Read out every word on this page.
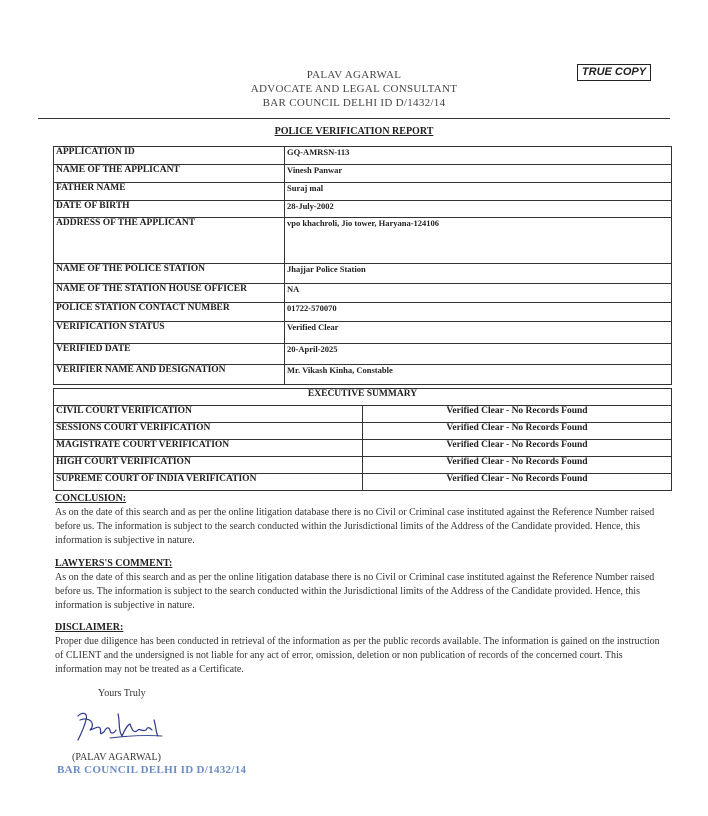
PALAV AGARWAL
ADVOCATE AND LEGAL CONSULTANT
BAR COUNCIL DELHI ID D/1432/14
TRUE COPY
POLICE VERIFICATION REPORT
APPLICATION ID	GQ-AMRSN-113
NAME OF THE APPLICANT	Vinesh Panwar
FATHER NAME	Suraj mal
DATE OF BIRTH	28-July-2002
ADDRESS OF THE APPLICANT	vpo khachroli, Jio tower, Haryana-124106
NAME OF THE POLICE STATION	Jhajjar Police Station
NAME OF THE STATION HOUSE OFFICER	NA
POLICE STATION CONTACT NUMBER	01722-570070
VERIFICATION STATUS	Verified Clear
VERIFIED DATE	20-April-2025
VERIFIER NAME AND DESIGNATION	Mr. Vikash Kinha, Constable
EXECUTIVE SUMMARY	
CIVIL COURT VERIFICATION	Verified Clear - No Records Found
SESSIONS COURT VERIFICATION	Verified Clear - No Records Found
MAGISTRATE COURT VERIFICATION	Verified Clear - No Records Found
HIGH COURT VERIFICATION	Verified Clear - No Records Found
SUPREME COURT OF INDIA VERIFICATION	Verified Clear - No Records Found
CONCLUSION:
As on the date of this search and as per the online litigation database there is no Civil or Criminal case instituted against the Reference Number raised before us. The information is subject to the search conducted within the Jurisdictional limits of the Address of the Candidate provided. Hence, this information is subjective in nature.
LAWYERS'S COMMENT:
As on the date of this search and as per the online litigation database there is no Civil or Criminal case instituted against the Reference Number raised before us. The information is subject to the search conducted within the Jurisdictional limits of the Address of the Candidate provided. Hence, this information is subjective in nature.
DISCLAIMER:
Proper due diligence has been conducted in retrieval of the information as per the public records available. The information is gained on the instruction of CLIENT and the undersigned is not liable for any act of error, omission, deletion or non publication of records of the concerned court. This information may not be treated as a Certificate.
Yours Truly
(PALAV AGARWAL)
BAR COUNCIL DELHI ID D/1432/14
